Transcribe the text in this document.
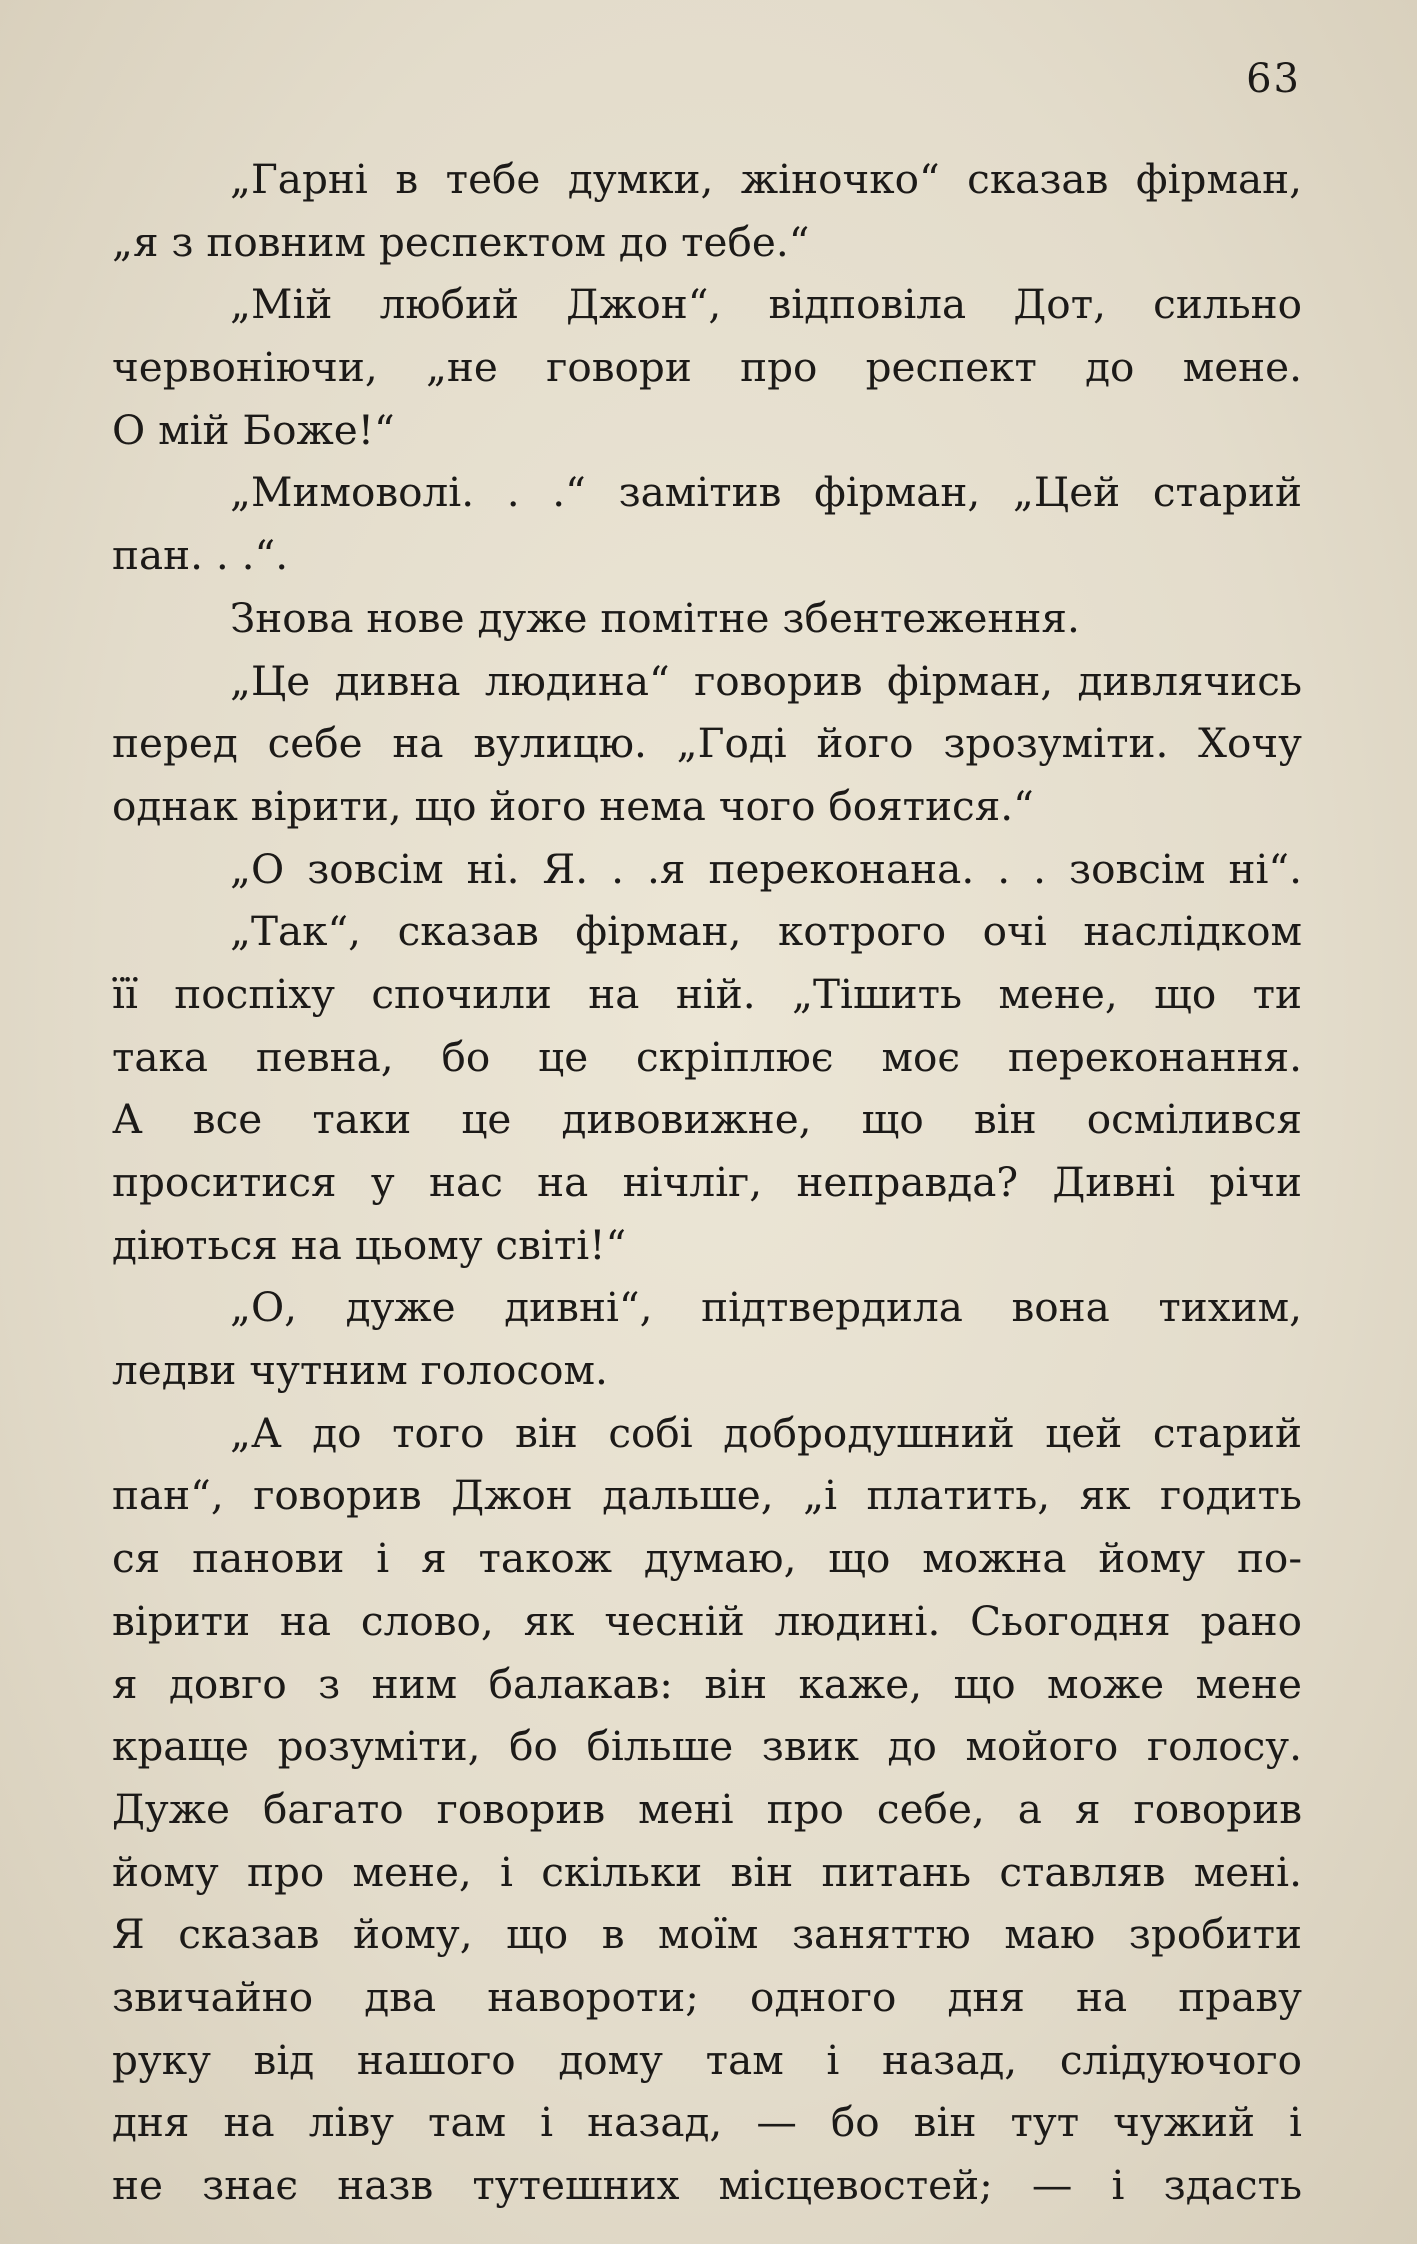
63
„Гарні в тебе думки, жіночко“ сказав фірман,
„я з повним респектом до тебе.“
„Мій любий Джон“, відповіла Дот, сильно
червоніючи, „не говори про респект до мене.
О мій Боже!“
„Мимоволі. . .“ замітив фірман, „Цей старий
пан. . .“.
Знова нове дуже помітне збентеження.
„Це дивна людина“ говорив фірман, дивлячись
перед себе на вулицю. „Годі його зрозуміти. Хочу
однак вірити, що його нема чого боятися.“
„О зовсім ні. Я. . .я переконана. . . зовсім ні“.
„Так“, сказав фірман, котрого очі наслідком
її поспіху спочили на ній. „Тішить мене, що ти
така певна, бо це скріплює моє переконання.
А все таки це дивовижне, що він осмілився
проситися у нас на нічліг, неправда? Дивні річи
діються на цьому світі!“
„О, дуже дивні“, підтвердила вона тихим,
ледви чутним голосом.
„А до того він собі добродушний цей старий
пан“, говорив Джон дальше, „і платить, як годить
ся панови і я також думаю, що можна йому по-
вірити на слово, як чесній людині. Сьогодня рано
я довго з ним балакав: він каже, що може мене
краще розуміти, бо більше звик до мойого голосу.
Дуже багато говорив мені про себе, а я говорив
йому про мене, і скільки він питань ставляв мені.
Я сказав йому, що в моїм заняттю маю зробити
звичайно два навороти; одного дня на праву
руку від нашого дому там і назад, слідуючого
дня на ліву там і назад, — бо він тут чужий і
не знає назв тутешних місцевостей; — і здасть
